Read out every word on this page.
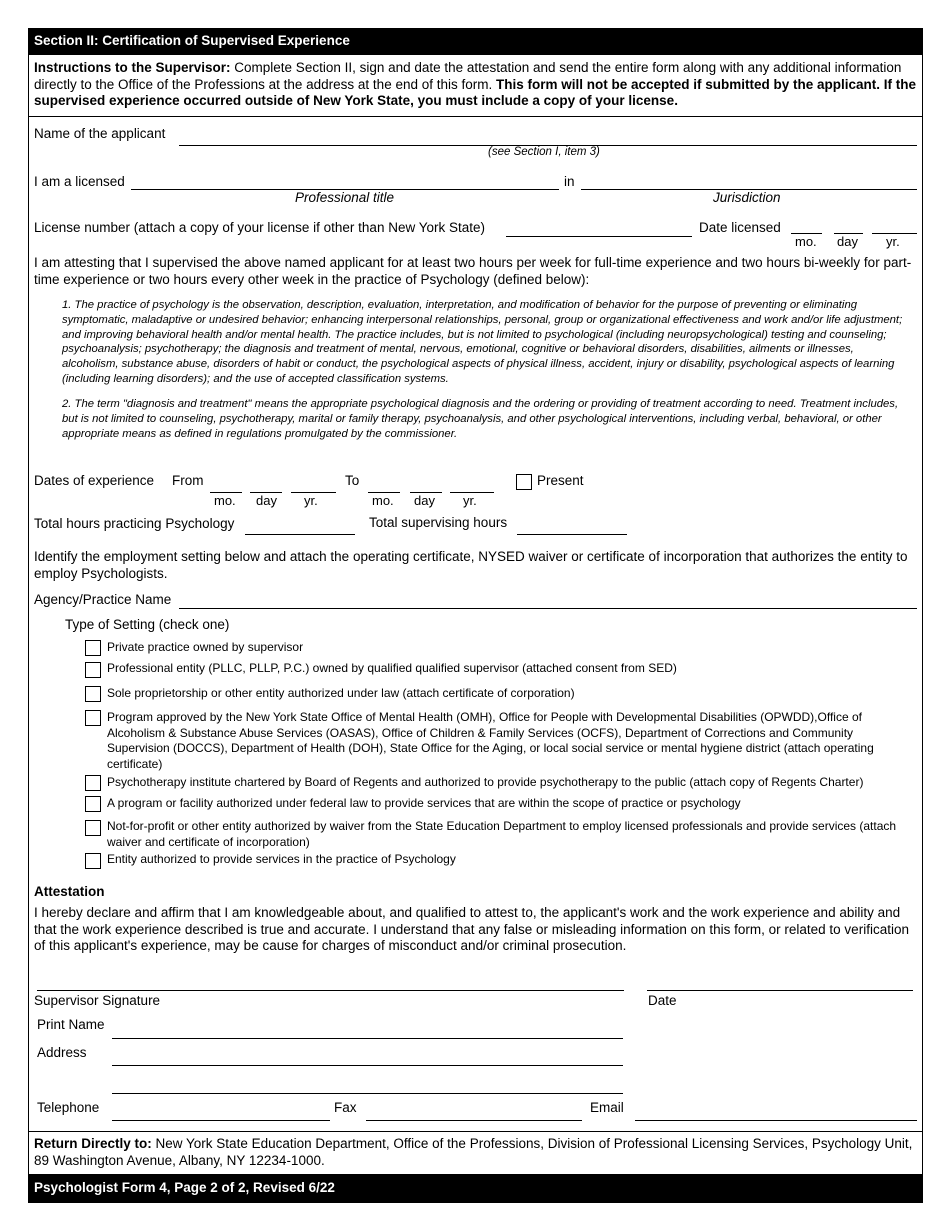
Section II: Certification of Supervised Experience
Instructions to the Supervisor: Complete Section II, sign and date the attestation and send the entire form along with any additional information directly to the Office of the Professions at the address at the end of this form. This form will not be accepted if submitted by the applicant. If the supervised experience occurred outside of New York State, you must include a copy of your license.
Name of the applicant
(see Section I, item 3)
I am a licensed
Professional title
in
Jurisdiction
License number (attach a copy of your license if other than New York State)	Date licensed
mo. day yr.
I am attesting that I supervised the above named applicant for at least two hours per week for full-time experience and two hours bi-weekly for part-time experience or two hours every other week in the practice of Psychology (defined below):
1. The practice of psychology is the observation, description, evaluation, interpretation, and modification of behavior for the purpose of preventing or eliminating symptomatic, maladaptive or undesired behavior; enhancing interpersonal relationships, personal, group or organizational effectiveness and work and/or life adjustment; and improving behavioral health and/or mental health. The practice includes, but is not limited to psychological (including neuropsychological) testing and counseling; psychoanalysis; psychotherapy; the diagnosis and treatment of mental, nervous, emotional, cognitive or behavioral disorders, disabilities, ailments or illnesses, alcoholism, substance abuse, disorders of habit or conduct, the psychological aspects of physical illness, accident, injury or disability, psychological aspects of learning (including learning disorders); and the use of accepted classification systems.
2. The term "diagnosis and treatment" means the appropriate psychological diagnosis and the ordering or providing of treatment according to need. Treatment includes, but is not limited to counseling, psychotherapy, marital or family therapy, psychoanalysis, and other psychological interventions, including verbal, behavioral, or other appropriate means as defined in regulations promulgated by the commissioner.
Dates of experience From
mo. day yr.
To
mo. day yr.
Present
Total hours practicing Psychology	Total supervising hours
Identify the employment setting below and attach the operating certificate, NYSED waiver or certificate of incorporation that authorizes the entity to employ Psychologists.
Agency/Practice Name
Type of Setting (check one)
Private practice owned by supervisor
Professional entity (PLLC, PLLP, P.C.) owned by qualified qualified supervisor (attached consent from SED)
Sole proprietorship or other entity authorized under law (attach certificate of corporation)
Program approved by the New York State Office of Mental Health (OMH), Office for People with Developmental Disabilities (OPWDD),Office of Alcoholism & Substance Abuse Services (OASAS), Office of Children & Family Services (OCFS), Department of Corrections and Community Supervision (DOCCS), Department of Health (DOH), State Office for the Aging, or local social service or mental hygiene district (attach operating certificate)
Psychotherapy institute chartered by Board of Regents and authorized to provide psychotherapy to the public (attach copy of Regents Charter)
A program or facility authorized under federal law to provide services that are within the scope of practice or psychology
Not-for-profit or other entity authorized by waiver from the State Education Department to employ licensed professionals and provide services (attach waiver and certificate of incorporation)
Entity authorized to provide services in the practice of Psychology
Attestation
I hereby declare and affirm that I am knowledgeable about, and qualified to attest to, the applicant's work and the work experience and ability and that the work experience described is true and accurate. I understand that any false or misleading information on this form, or related to verification of this applicant's experience, may be cause for charges of misconduct and/or criminal prosecution.
Supervisor Signature	Date
Print Name
Address
Telephone	Fax	Email
Return Directly to: New York State Education Department, Office of the Professions, Division of Professional Licensing Services, Psychology Unit, 89 Washington Avenue, Albany, NY 12234-1000.
Psychologist Form 4, Page 2 of 2, Revised 6/22
